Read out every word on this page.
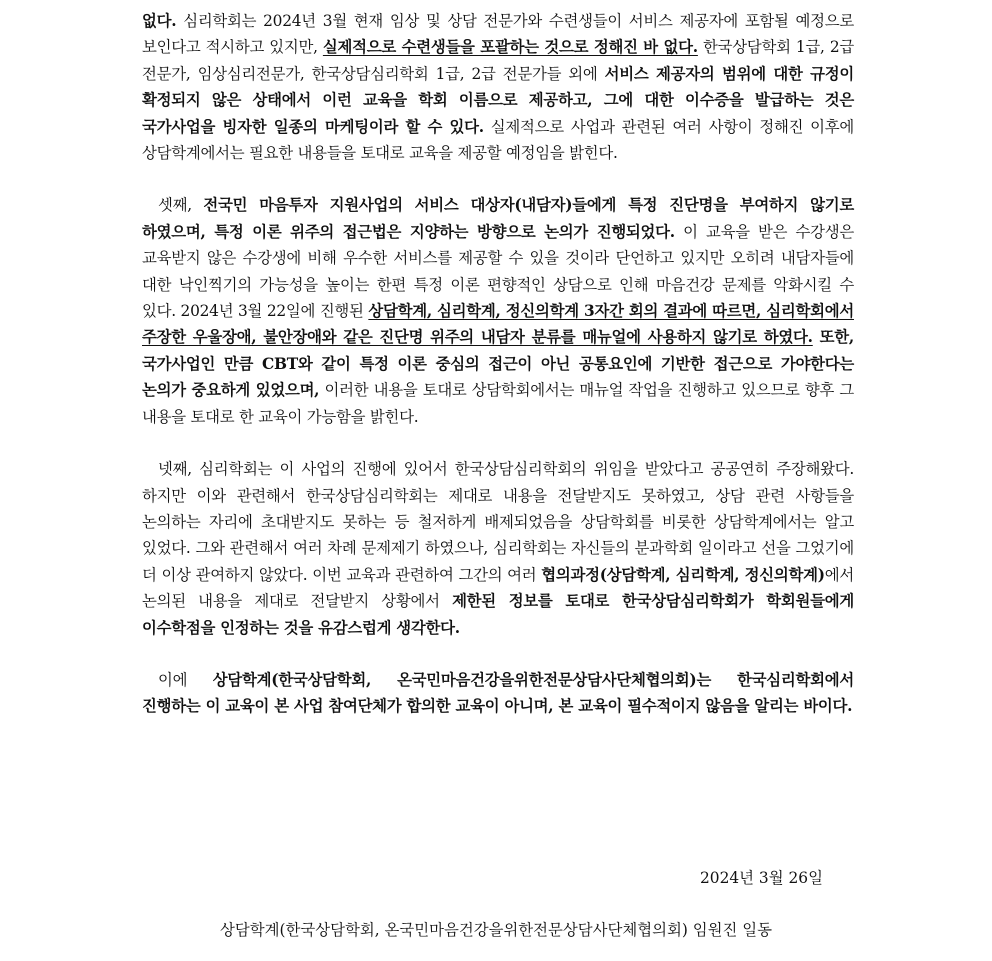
없다. 심리학회는 2024년 3월 현재 임상 및 상담 전문가와 수련생들이 서비스 제공자에 포함될 예정으로 보인다고 적시하고 있지만, 실제적으로 수련생들을 포괄하는 것으로 정해진 바 없다. 한국상담학회 1급, 2급 전문가, 임상심리전문가, 한국상담심리학회 1급, 2급 전문가들 외에 서비스 제공자의 범위에 대한 규정이 확정되지 않은 상태에서 이런 교육을 학회 이름으로 제공하고, 그에 대한 이수증을 발급하는 것은 국가사업을 빙자한 일종의 마케팅이라 할 수 있다. 실제적으로 사업과 관련된 여러 사항이 정해진 이후에 상담학계에서는 필요한 내용들을 토대로 교육을 제공할 예정임을 밝힌다.

셋째, 전국민 마음투자 지원사업의 서비스 대상자(내담자)들에게 특정 진단명을 부여하지 않기로 하였으며, 특정 이론 위주의 접근법은 지양하는 방향으로 논의가 진행되었다. 이 교육을 받은 수강생은 교육받지 않은 수강생에 비해 우수한 서비스를 제공할 수 있을 것이라 단언하고 있지만 오히려 내담자들에 대한 낙인찍기의 가능성을 높이는 한편 특정 이론 편향적인 상담으로 인해 마음건강 문제를 악화시킬 수 있다. 2024년 3월 22일에 진행된 상담학계, 심리학계, 정신의학계 3자간 회의 결과에 따르면, 심리학회에서 주장한 우울장애, 불안장애와 같은 진단명 위주의 내담자 분류를 매뉴얼에 사용하지 않기로 하였다. 또한, 국가사업인 만큼 CBT와 같이 특정 이론 중심의 접근이 아닌 공통요인에 기반한 접근으로 가야한다는 논의가 중요하게 있었으며, 이러한 내용을 토대로 상담학회에서는 매뉴얼 작업을 진행하고 있으므로 향후 그 내용을 토대로 한 교육이 가능함을 밝힌다.

넷째, 심리학회는 이 사업의 진행에 있어서 한국상담심리학회의 위임을 받았다고 공공연히 주장해왔다. 하지만 이와 관련해서 한국상담심리학회는 제대로 내용을 전달받지도 못하였고, 상담 관련 사항들을 논의하는 자리에 초대받지도 못하는 등 철저하게 배제되었음을 상담학회를 비롯한 상담학계에서는 알고 있었다. 그와 관련해서 여러 차례 문제제기 하였으나, 심리학회는 자신들의 분과학회 일이라고 선을 그었기에 더 이상 관여하지 않았다. 이번 교육과 관련하여 그간의 여러 협의과정(상담학계, 심리학계, 정신의학계)에서 논의된 내용을 제대로 전달받지 상황에서 제한된 정보를 토대로 한국상담심리학회가 학회원들에게 이수학점을 인정하는 것을 유감스럽게 생각한다.

이에 상담학계(한국상담학회, 온국민마음건강을위한전문상담사단체협의회)는 한국심리학회에서 진행하는 이 교육이 본 사업 참여단체가 합의한 교육이 아니며, 본 교육이 필수적이지 않음을 알리는 바이다.

2024년 3월 26일
상담학계(한국상담학회, 온국민마음건강을위한전문상담사단체협의회) 임원진 일동
